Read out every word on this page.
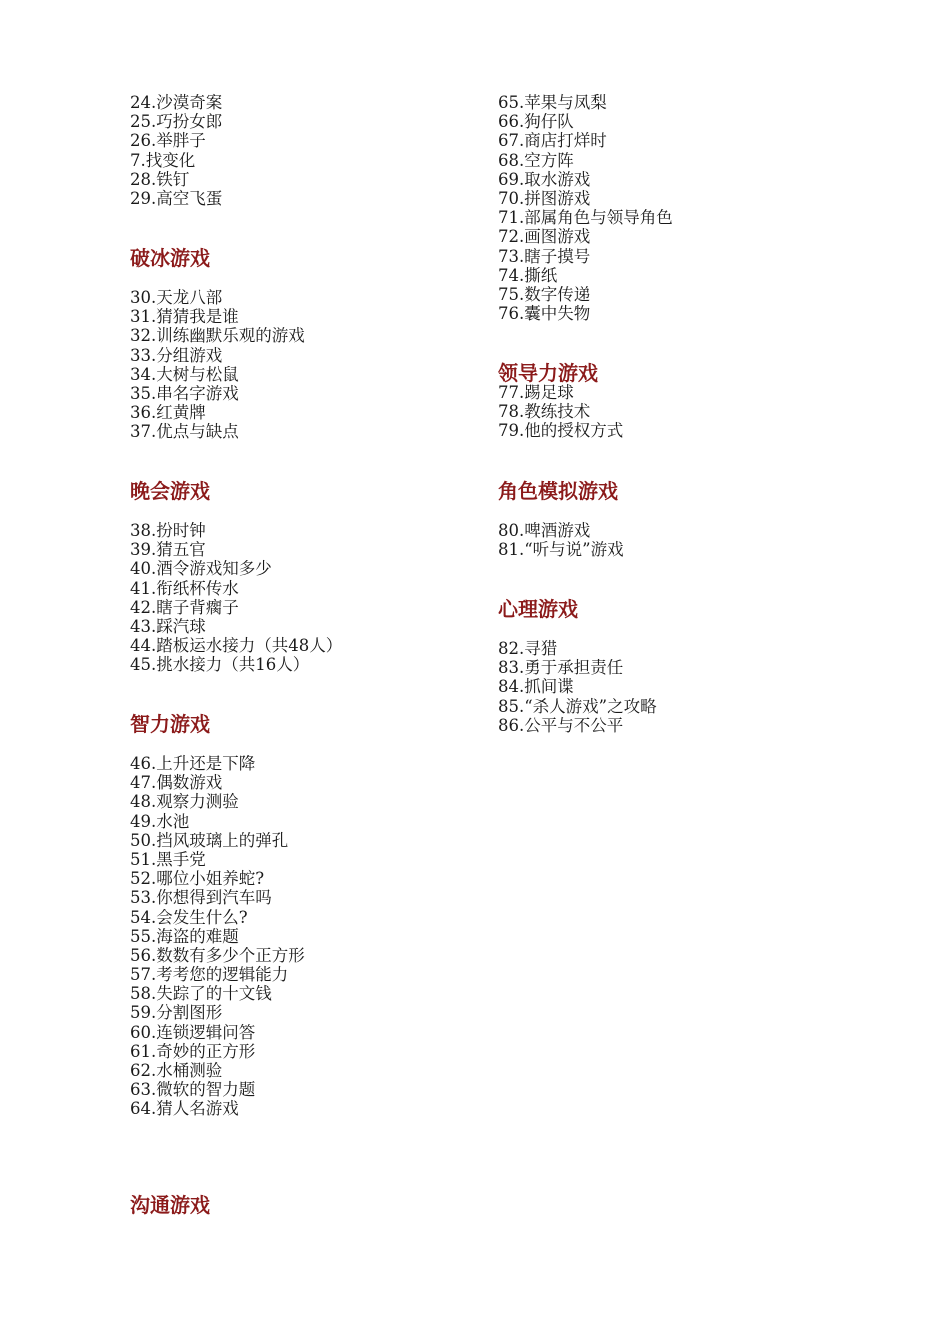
24.沙漠奇案
25.巧扮女郎
26.举胖子
7.找变化
28.铁钉
29.高空飞蛋
破冰游戏
30.天龙八部
31.猜猜我是谁
32.训练幽默乐观的游戏
33.分组游戏
34.大树与松鼠
35.串名字游戏
36.红黄牌
37.优点与缺点
晚会游戏
38.扮时钟
39.猜五官
40.酒令游戏知多少
41.衔纸杯传水
42.瞎子背瘸子
43.踩汽球
44.踏板运水接力（共48人）
45.挑水接力（共16人）
智力游戏
46.上升还是下降
47.偶数游戏
48.观察力测验
49.水池
50.挡风玻璃上的弹孔
51.黑手党
52.哪位小姐养蛇?
53.你想得到汽车吗
54.会发生什么?
55.海盗的难题
56.数数有多少个正方形
57.考考您的逻辑能力
58.失踪了的十文钱
59.分割图形
60.连锁逻辑问答
61.奇妙的正方形
62.水桶测验
63.微软的智力题
64.猜人名游戏
沟通游戏
65.苹果与凤梨
66.狗仔队
67.商店打烊时
68.空方阵
69.取水游戏
70.拼图游戏
71.部属角色与领导角色
72.画图游戏
73.瞎子摸号
74.撕纸
75.数字传递
76.囊中失物
领导力游戏
77.踢足球
78.教练技术
79.他的授权方式
角色模拟游戏
80.啤酒游戏
81.“听与说”游戏
心理游戏
82.寻猎
83.勇于承担责任
84.抓间谍
85.“杀人游戏”之攻略
86.公平与不公平
